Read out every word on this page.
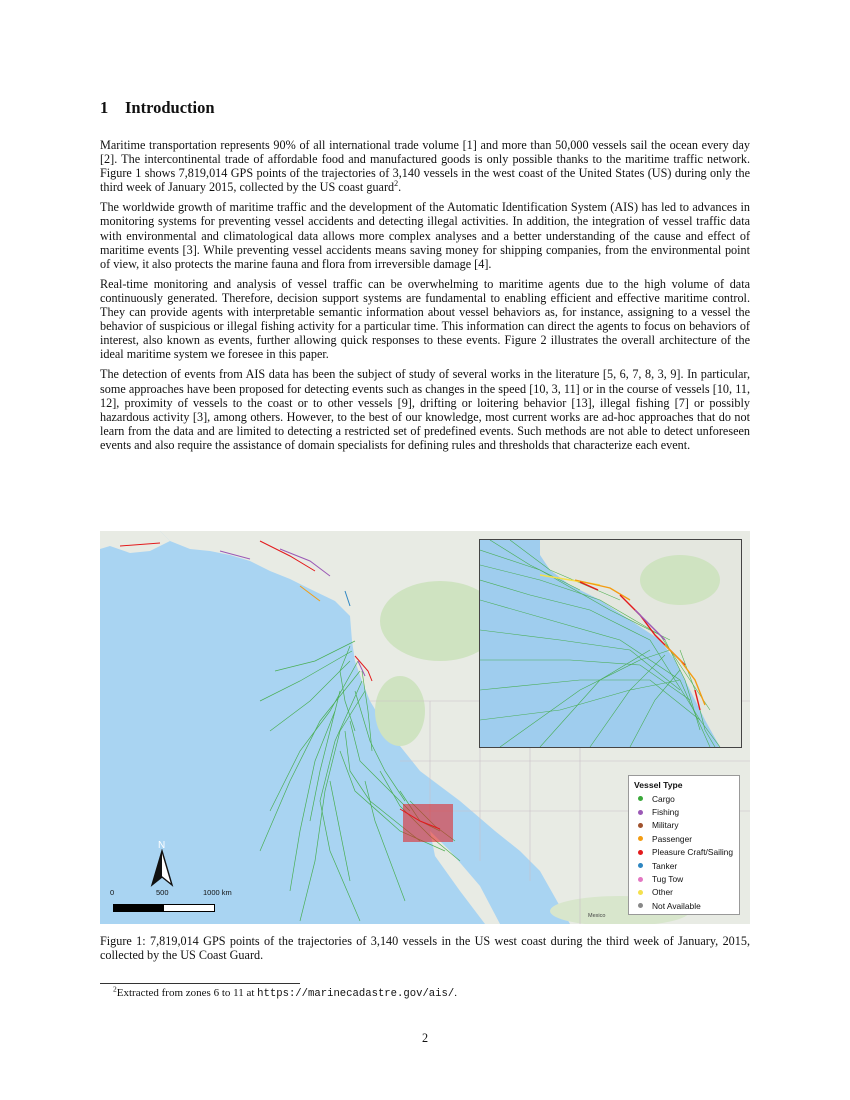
1 Introduction

Maritime transportation represents 90% of all international trade volume [1] and more than 50,000 vessels sail the ocean every day [2]. The intercontinental trade of affordable food and manufactured goods is only possible thanks to the maritime traffic network. Figure 1 shows 7,819,014 GPS points of the trajectories of 3,140 vessels in the west coast of the United States (US) during only the third week of January 2015, collected by the US coast guard$^2$.

The worldwide growth of maritime traffic and the development of the Automatic Identification System (AIS) has led to advances in monitoring systems for preventing vessel accidents and detecting illegal activities. In addition, the integration of vessel traffic data with environmental and climatological data allows more complex analyses and a better understanding of the cause and effect of maritime events [3]. While preventing vessel accidents means saving money for shipping companies, from the environmental point of view, it also protects the marine fauna and flora from irreversible damage [4].

Real-time monitoring and analysis of vessel traffic can be overwhelming to maritime agents due to the high volume of data continuously generated. Therefore, decision support systems are fundamental to enabling efficient and effective maritime control. They can provide agents with interpretable semantic information about vessel behaviors as, for instance, assigning to a vessel the behavior of suspicious or illegal fishing activity for a particular time. This information can direct the agents to focus on behaviors of interest, also known as events, further allowing quick responses to these events. Figure 2 illustrates the overall architecture of the ideal maritime system we foresee in this paper.

The detection of events from AIS data has been the subject of study of several works in the literature [5, 6, 7, 8, 3, 9]. In particular, some approaches have been proposed for detecting events such as changes in the speed [10, 3, 11] or in the course of vessels [10, 11, 12], proximity of vessels to the coast or to other vessels [9], drifting or loitering behavior [13], illegal fishing [7] or possibly hazardous activity [3], among others. However, to the best of our knowledge, most current works are ad-hoc approaches that do not learn from the data and are limited to detecting a restricted set of predefined events. Such methods are not able to detect unforeseen events and also require the assistance of domain specialists for defining rules and thresholds that characterize each event.

Vessel Type
Cargo
Fishing
Military
Passenger
Pleasure Craft/Sailing
Tanker
Tug Tow
Other
Not Available
N
0	500	1000 km
Mexico
Figure 1: 7,819,014 GPS points of the trajectories of 3,140 vessels in the US west coast during the third week of January, 2015, collected by the US Coast Guard.
$^2$Extracted from zones 6 to 11 at https://marinecadastre.gov/ais/.
2
